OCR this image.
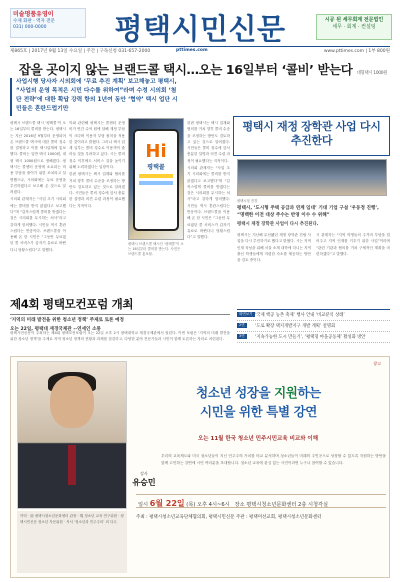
미술명품유영이
수제 화판 · 액자 전문
031) 000-0000	평택시민신문	시공 된 세무회계 전문법인
세무 · 회계 · 컨설팅
제865호 | 2017년 9월 13일 수요일 | 주간 | 구독신청 031-657-2000	pttimes.com	www.pttimes.com | 1부 800원
잡을 곳이지 않는 브랜드콜 택시…오는 16일부터 ‘콜비’ 받는다 대형택시 1000원
사업시행 당사자 시의회에 ‘무료 추진 계획’ 보고해놓고 평택시, “사업의 운영 목적은 시민 다수를 위하여”라며 수정 시의회 ‘첨단 전략’에 대한 확답 강력 항의 1년여 동안 ‘협약’ 택시 업단 시민들은 혼란드럽기만

평택시 브랜드콜 택시 ‘평택콜’이 오는 16일부터 콜비를 받는다. 평택시는 지난 2016년 9월부터 운영되어 온 브랜드콜 택시에 대한 콜비 징수를 결정하고 이를 택시업계에 통보했다. 콜비는 일반 택시 1000원, 대형 택시 1000원으로 정해졌다. 평택시는 콜센터 운영에 소요되는 비용 부담을 줄이기 위한 조치라고 설명했으나, 시의회에는 무료 운영을 추진하겠다고 보고해 온 것으로 알려졌다.

시의회 관계자는 “사업 초기 시의회에는 콜비를 받지 않겠다고 보고했다”며 “갑작스럽게 콜비를 받겠다는 것은 시의회를 무시하는 처사”라고 강하게 항의했다. 시민들 역시 혼란스럽다는 반응이다. 브랜드콜을 이용해 온 한 시민은 “그동안 무료였던 콜 서비스가 갑자기 유료로 바뀐다니 당황스럽다”고 말했다.

이와 관련해 평택시는 콜센터 운영비가 연간 수억 원에 달해 재정 부담이 크다며 이용자 부담 원칙을 적용한 것이라고 밝혔다. 그러나 택시 업계 일부는 콜비 징수로 이용객이 줄어들 것을 우려하고 있다. 시는 콜비 징수 이후에도 서비스 질을 높이기 위해 노력하겠다는 입장이다.

한편 평택시는 택시 업계와 협의를 거쳐 향후 콜비 수준을 조정하는 방안도 검토하고 있는 것으로 알려졌다. 시민들은 콜비 징수에 앞서 충분한 설명과 의견 수렴 과정이 필요했다는 지적이다.

Hi
평택콜
평택시 브랜드콜 택시인 ‘평택콜’이 오는 16일부터 콜비를 받는다. 사진은 브랜드콜 홍보물.

한편 평택시는 택시 업계와 협의를 거쳐 향후 콜비 수준을 조정하는 방안도 검토하고 있는 것으로 알려졌다. 시민들은 콜비 징수에 앞서 충분한 설명과 의견 수렴 과정이 필요했다는 지적이다.

시의회 관계자는 “사업 초기 시의회에는 콜비를 받지 않겠다고 보고했다”며 “갑작스럽게 콜비를 받겠다는 것은 시의회를 무시하는 처사”라고 강하게 항의했다. 시민들 역시 혼란스럽다는 반응이다. 브랜드콜을 이용해 온 한 시민은 “그동안 무료였던 콜 서비스가 갑자기 유료로 바뀐다니 당황스럽다”고 말했다.

평택시 재정 장학관 사업 다시 추진한다
평택시청 전경
평택시, ‘도시형 주택 공급과 연계 임대’ 기대 기업 구설 ‘우동정 진행’, “명백한 이전 대상 주수는 반영 이수 수 위해”
평택시 재정 장학관 사업이 다시 추진된다.

평택시는 지난해 무산됐던 재정 장학관 건립 사업을 다시 추진하기로 했다고 밝혔다. 시는 지역 인재 육성을 위해 서울 소재 대학에 다니는 지역 출신 학생들에게 저렴한 숙소를 제공하는 방안을 검토 중이다.

시 관계자는 “지역 학생들의 주거비 부담을 덜어주고 지역 인재를 키우기 위한 사업”이라며 “관련 기관과 협의를 거쳐 구체적인 계획을 마련하겠다”고 말했다.

화면보기 ‘국제 핵공 농촌 축제’ 행사 안내 ‘비교분석 상례’
2면	‘도로 확장 택지개발지구 개발 계획’ 설명회
3면	‘지속가능한 도시 만들기’, ‘평택형 마을공동체’ 활성화 방안
제4회 평택모컨포럼 개최
‘지역의 미래 발전을 위한 청소년 정책’ 주제로 토론 예정
오는 22일, 평택대 재경국제관 --연세인 소통
평택시민신문이 주최하는 제4회 평택모컨포럼이 오는 22일 오후 2시 평택대학교 재경국제관에서 열린다. 이번 포럼은 ‘지역의 미래 발전을 위한 청소년 정책’을 주제로 지역 청소년 정책의 현황과 과제를 점검하고, 다양한 분야 전문가들과 시민이 함께 토론하는 자리로 마련된다.
광고
약력 · 前 평택시청소년문화센터 관장 · 現 청소년 교육 연구위원 · 평택시민신문 청소년 자문위원 · 저서 ‘청소년과 민주주의’ 외 다수
청소년 성장을 지원하는
시민을 위한 특별 강연
오는 11월 한국 청소년 민주시민교육 비교와 이해
강사
유승민
우리의 교육제도와 미국 청소년들이 지닌 민주주의 가치를 비교 분석하며 청소년들이 미래의 주인공으로 성장할 수 있도록 지원하는 방안을 함께 고민하는 강연에 시민 여러분을 초대합니다. 청소년 교육에 관심 있는 시민이라면 누구나 참여할 수 있습니다.
일시 6월 22일 (목) 오후 4시~6시 장소 평택시청소년문화센터 2층 시청각실
주최 : 평택시청소년교육단체협의회, 평택시민신문 주관 : 평택미선교회, 평택시청소년문화센터
